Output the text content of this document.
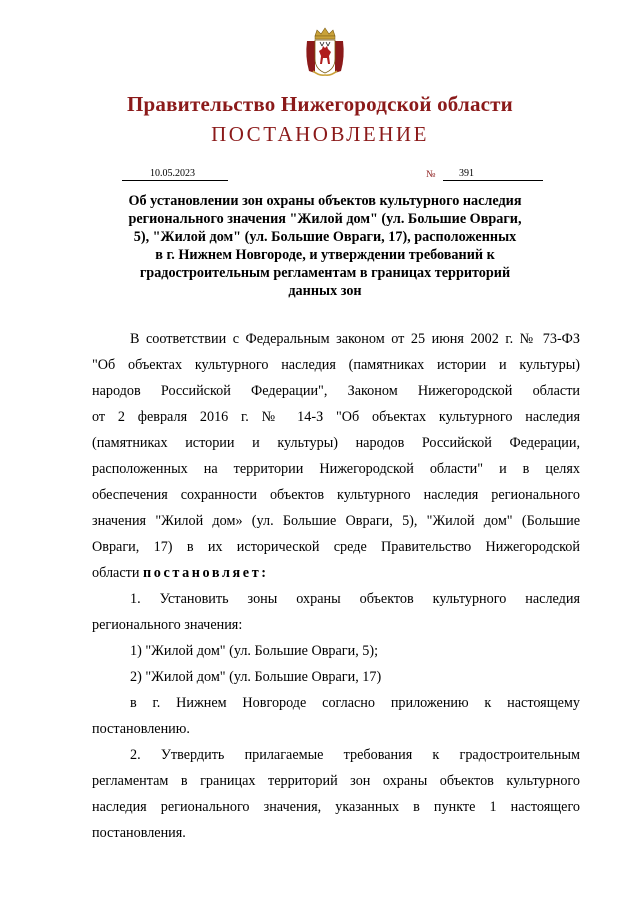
Правительство Нижегородской области
ПОСТАНОВЛЕНИЕ
10.05.2023	№	391
Об установлении зон охраны объектов культурного наследия
регионального значения "Жилой дом" (ул. Большие Овраги,
5), "Жилой дом" (ул. Большие Овраги, 17), расположенных
в г. Нижнем Новгороде, и утверждении требований к
градостроительным регламентам в границах территорий
данных зон
В соответствии с Федеральным законом от 25 июня 2002 г. № 73-ФЗ
"Об объектах культурного наследия (памятниках истории и культуры)
народов Российской Федерации", Законом Нижегородской области
от 2 февраля 2016 г. № 14-З "Об объектах культурного наследия
(памятниках истории и культуры) народов Российской Федерации,
расположенных на территории Нижегородской области" и в целях
обеспечения сохранности объектов культурного наследия регионального
значения "Жилой дом» (ул. Большие Овраги, 5), "Жилой дом" (Большие
Овраги, 17) в их исторической среде Правительство Нижегородской
области постановляет:
1. Установить зоны охраны объектов культурного наследия
регионального значения:
1) "Жилой дом" (ул. Большие Овраги, 5);
2) "Жилой дом" (ул. Большие Овраги, 17)
в г. Нижнем Новгороде согласно приложению к настоящему
постановлению.
2. Утвердить прилагаемые требования к градостроительным
регламентам в границах территорий зон охраны объектов культурного
наследия регионального значения, указанных в пункте 1 настоящего
постановления.
